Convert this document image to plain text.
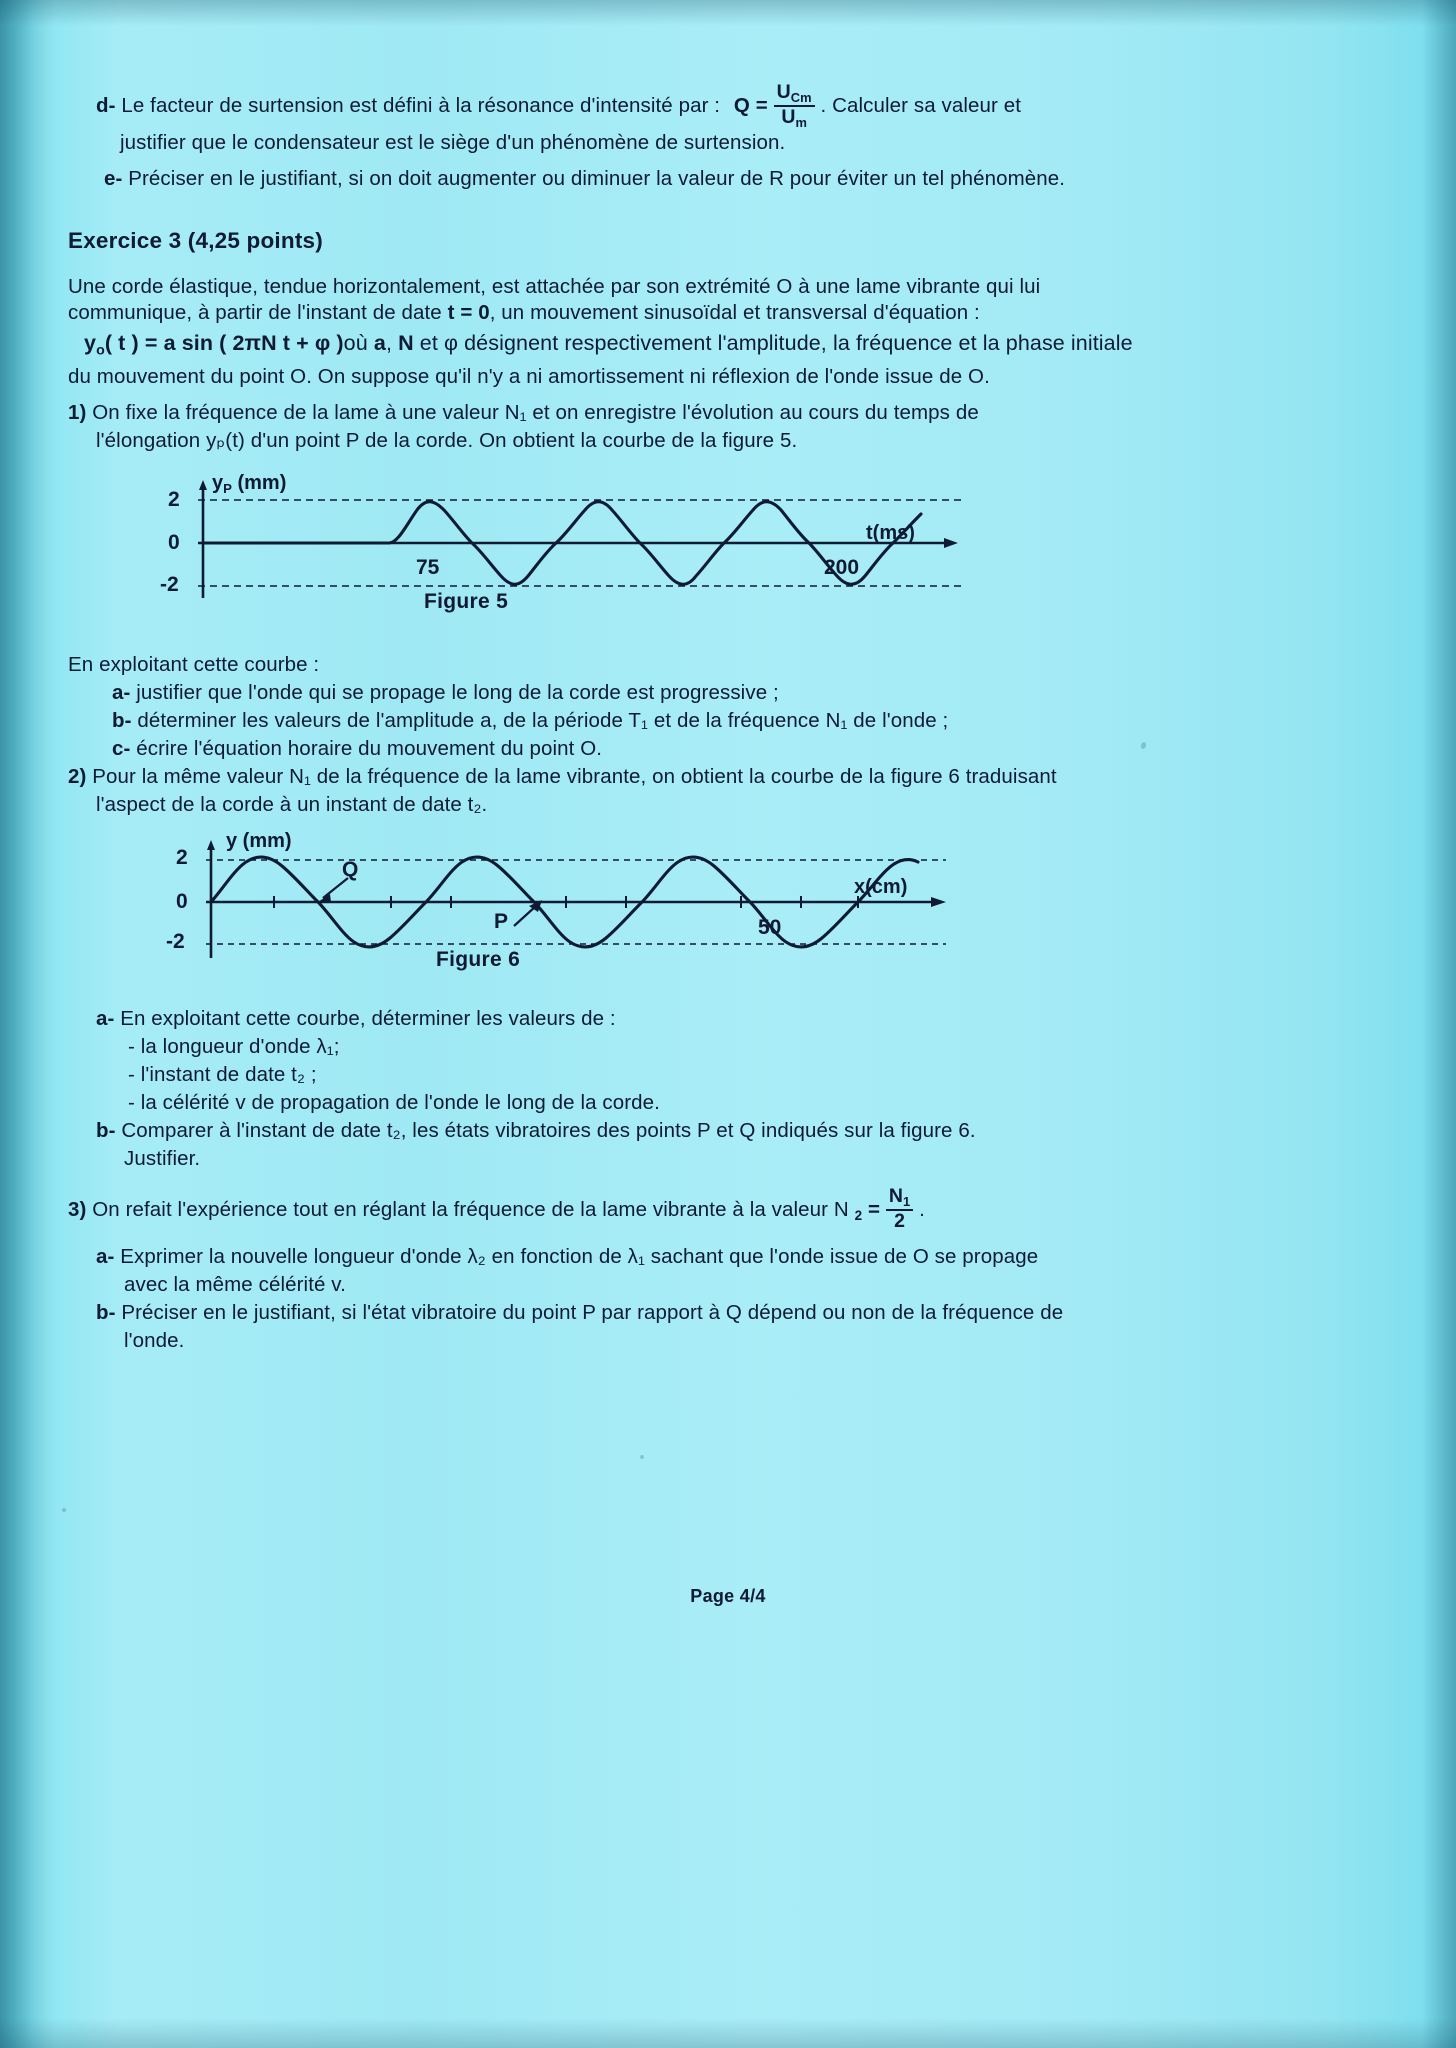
d- Le facteur de surtension est défini à la résonance d'intensité par : $Q = \frac{U_{Cm}}{U_m}$ . Calculer sa valeur et
justifier que le condensateur est le siège d'un phénomène de surtension.
e- Préciser en le justifiant, si on doit augmenter ou diminuer la valeur de R pour éviter un tel phénomène.
Exercice 3 (4,25 points)
Une corde élastique, tendue horizontalement, est attachée par son extrémité O à une lame vibrante qui lui
communique, à partir de l'instant de date t = 0, un mouvement sinusoïdal et transversal d'équation :
$y_o$( t ) = a sin ( 2πN t + φ )où a, N et φ désignent respectivement l'amplitude, la fréquence et la phase initiale
du mouvement du point O. On suppose qu'il n'y a ni amortissement ni réflexion de l'onde issue de O.
1) On fixe la fréquence de la lame à une valeur N₁ et on enregistre l'évolution au cours du temps de
l'élongation yₚ(t) d'un point P de la corde. On obtient la courbe de la figure 5.
$y_P$ (mm)
2
0
-2
75	200
t(ms)
Figure 5
En exploitant cette courbe :
a- justifier que l'onde qui se propage le long de la corde est progressive ;
b- déterminer les valeurs de l'amplitude a, de la période T₁ et de la fréquence N₁ de l'onde ;
c- écrire l'équation horaire du mouvement du point O.
2) Pour la même valeur N₁ de la fréquence de la lame vibrante, on obtient la courbe de la figure 6 traduisant
l'aspect de la corde à un instant de date t₂.
y (mm)
2
0
-2
Q
P	50
x(cm)
Figure 6
a- En exploitant cette courbe, déterminer les valeurs de :
- la longueur d'onde λ₁;
- l'instant de date t₂ ;
- la célérité v de propagation de l'onde le long de la corde.
b- Comparer à l'instant de date t₂, les états vibratoires des points P et Q indiqués sur la figure 6.
Justifier.
3) On refait l'expérience tout en réglant la fréquence de la lame vibrante à la valeur N $_2 = \frac{N_1}{2}$ .
a- Exprimer la nouvelle longueur d'onde λ₂ en fonction de λ₁ sachant que l'onde issue de O se propage
avec la même célérité v.
b- Préciser en le justifiant, si l'état vibratoire du point P par rapport à Q dépend ou non de la fréquence de
l'onde.
Page 4/4
